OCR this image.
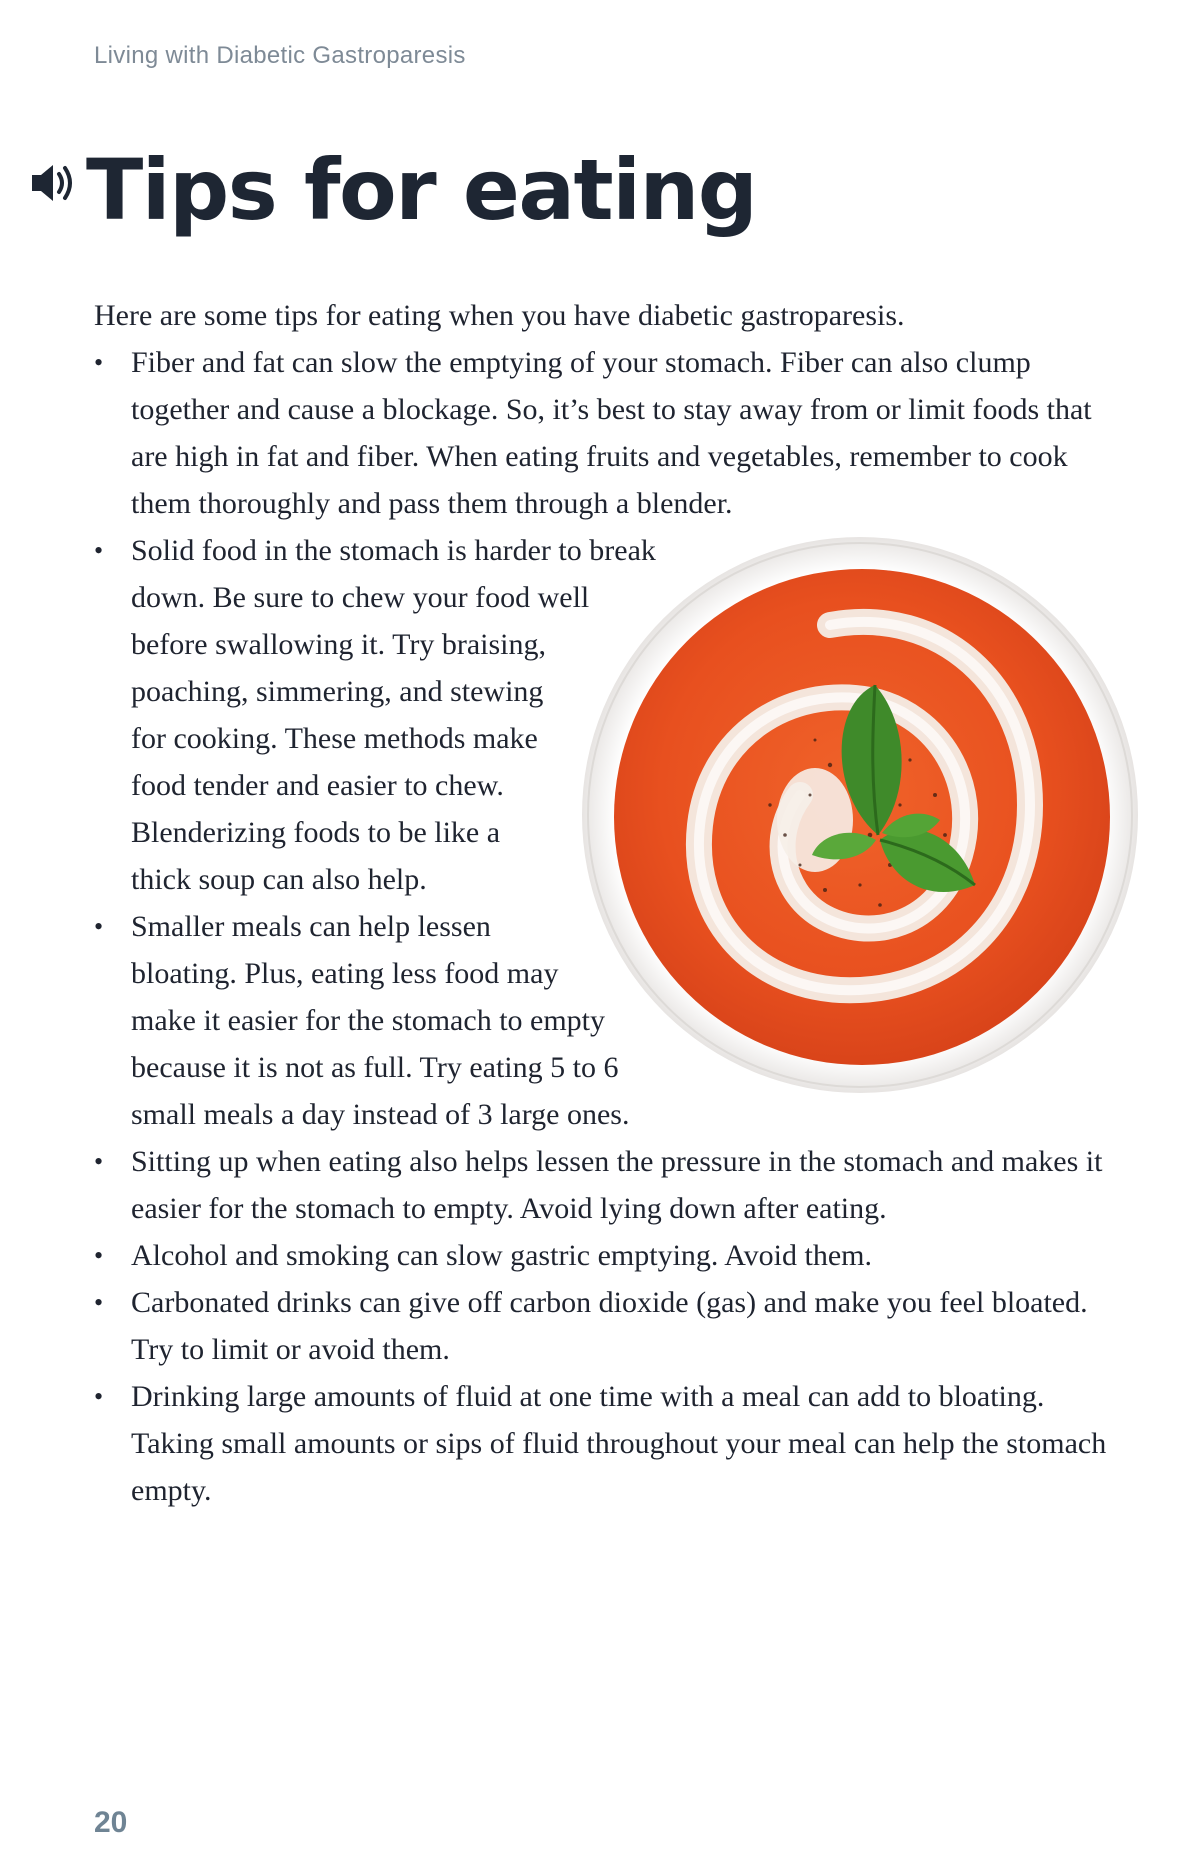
Living with Diabetic Gastroparesis
Tips for eating

Here are some tips for eating when you have diabetic gastroparesis.

• Fiber and fat can slow the emptying of your stomach. Fiber can also clump together and cause a blockage. So, it’s best to stay away from or limit foods that are high in fat and fiber. When eating fruits and vegetables, remember to cook them thoroughly and pass them through a blender.
• Solid food in the stomach is harder to break down. Be sure to chew your food well before swallowing it. Try braising, poaching, simmering, and stewing for cooking. These methods make food tender and easier to chew. Blenderizing foods to be like a thick soup can also help.
• Smaller meals can help lessen bloating. Plus, eating less food may make it easier for the stomach to empty because it is not as full. Try eating 5 to 6 small meals a day instead of 3 large ones.
• Sitting up when eating also helps lessen the pressure in the stomach and makes it easier for the stomach to empty. Avoid lying down after eating.
• Alcohol and smoking can slow gastric emptying. Avoid them.
• Carbonated drinks can give off carbon dioxide (gas) and make you feel bloated. Try to limit or avoid them.
• Drinking large amounts of fluid at one time with a meal can add to bloating. Taking small amounts or sips of fluid throughout your meal can help the stomach empty.
20
